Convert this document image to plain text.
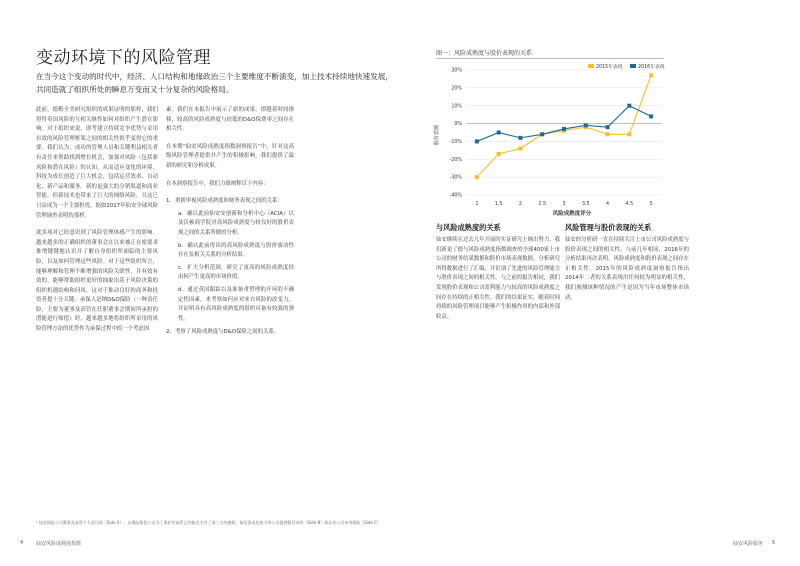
变动环境下的风险管理
在当今这个变动的时代中，经济、人口结构和地缘政治三个主要维度不断演变，加上技术持续地快速发展，共同造就了组织所处的瞬息万变而又十分复杂的风险格局。

此前，德勤全美研究组织的成果证明的那样，我们得得英国风险的互相关继性如何对组织产生潜在影响。对于组织来说，即考建立持续竞争优势与采用有效的风险管理框架之间的相关性似乎变得它的重要。我们认为，成功的管理人员和关键利益相关者有责任来帮助找到增长机会，加强对风险（包括新风险和潜在风险）的认知，从而适应变化的环境。科技为成长创造了巨大机会，包括运营效率、自动化、新产品和服务。新的更强大的分销渠道和商业智能。但新技术也带来了巨大的网络风险，且这已日益成为一个主要担忧，据如2017年仙安全球风险管理调查表明的那样。

就多项对已经意识到了风险管理体感产生的影响。越来越多的正确组织的董事会在以来被正在密要求推增键键地认识并了解自身组织所面临的主要风险，以及如何管理这些风险。对于这些组织所言，能够理解和管理不断增强的风险关联性，并有效有效的，能够帮助组织更好的抽象出基于风险决策的组织机遇结构和问风，这对于推动良好的商务和投资者提十分关键。承保人是纳D&O保险（一种责任险，主要为董事及高管在任职董事会期间所承担的潜能进行赔偿）时，越来越多地将组织所采用的风险管理方法的优势作为承保过程中的一个考虑因

素。我们在本报告中展示了新的成果，即越着时间推移，较高的风险成熟度与较低的D&O保费率之间存在相关性。

在本期“仙安风险成熟度指数洞察报告”中，针对这高级风险管理者提供并产生的积极影响，我们提供了最新的研究和分析成果。

在本洞察报告中，我们力图阐释以下内容：

1. 重新审视风险成熟度和财务表现之间的关系：
a. 确认此前仙安安创新和分析中心（ACIA）以及沃顿商学院对高风险成熟度与较良好的股价表现之间的关系所做的分析。
b. 确认此前得出的高风险成熟度与股价波动性存在负相关关系的分析结果。
c. 扩大分析范围，研究了更高的风险成熟度经由何产生更高的市场价值。
d. 通过英国跟踪以及准备重塑理的开环的不确定性因素，来考察如何应对来自风险的改变力，并证明具有高风险成熟度的组织具备有较强的弹性。
2. 考察了风险成熟度与D&O保险之间的关系。
图一：风险成熟度与股价表现的关系
30%
20%
10%
0%
-10%
-20%
-30%
-40%
1	1.5	2	2.5	3	3.5	4	4.5	5
股价表现
风险成熟度评分
2015年表现	2016年表现
与风险成熟度的关系
仙安继续在过去几年开展的实证研究上继出努力，我们新更了德与风险成熟度指数调查的全球400家上市公司的财务结果数据和股价市场表现数据，分析研究所得数据进行了汇编，并识别了先进的风险管理能力与股价表现之间的相关性。与之前的报告相同，我们发现股价表现和公司盈利能力与较高的风险成熟度之间存在持续的正相关性。我们的结果证实，随着时间持续的风险管理项目能够产生积极作用的内部和外部收益。
风险管理与股价表现的关系
仙安的分析研一直在持续关注上市公司风险成熟度与股价表现之间的相关性。与前几年相同，2016年的分析结果再次表明，风险成熟度和股价表现之间存在正相关性。2015年的风险成熟度洞察报告指出2014年二者的关系表现出任何较为明显的相关性，我们预测该种情况的产生是因为当年市场整体市场动。
¹ 仙安保险公司董事及高管个人责任保（Side A），以保险赔偿公司为了保护其高管已经能宣支付了第三方的索赔。前信条承包和为你公司提供赔付本的（Side B）或证券公司本身保险（Side C）
4	仙安风险成熟度指数	仙安风险服务 5
